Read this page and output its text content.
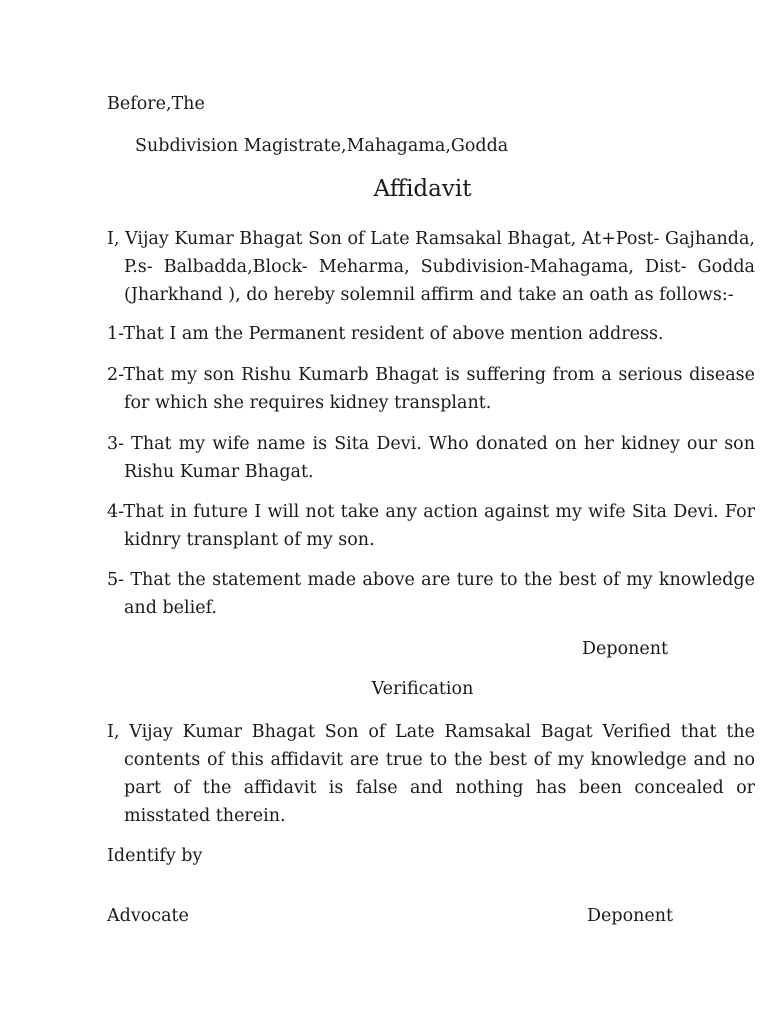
Before,The
Subdivision Magistrate,Mahagama,Godda
Affidavit
I, Vijay Kumar Bhagat Son of Late Ramsakal Bhagat, At+Post- Gajhanda, P.s- Balbadda,Block- Meharma, Subdivision-Mahagama, Dist- Godda (Jharkhand ), do hereby solemnil affirm and take an oath as follows:-
1-That I am the Permanent resident of above mention address.
2-That my son Rishu Kumarb Bhagat is suffering from a serious disease for which she requires kidney transplant.
3- That my wife name is Sita Devi. Who donated on her kidney our son Rishu Kumar Bhagat.
4-That in future I will not take any action against my wife Sita Devi. For kidnry transplant of my son.
5- That the statement made above are ture to the best of my knowledge and belief.
Deponent
Verification
I, Vijay Kumar Bhagat Son of Late Ramsakal Bagat Verified that the contents of this affidavit are true to the best of my knowledge and no part of the affidavit is false and nothing has been concealed or misstated therein.
Identify by
Advocate	Deponent
